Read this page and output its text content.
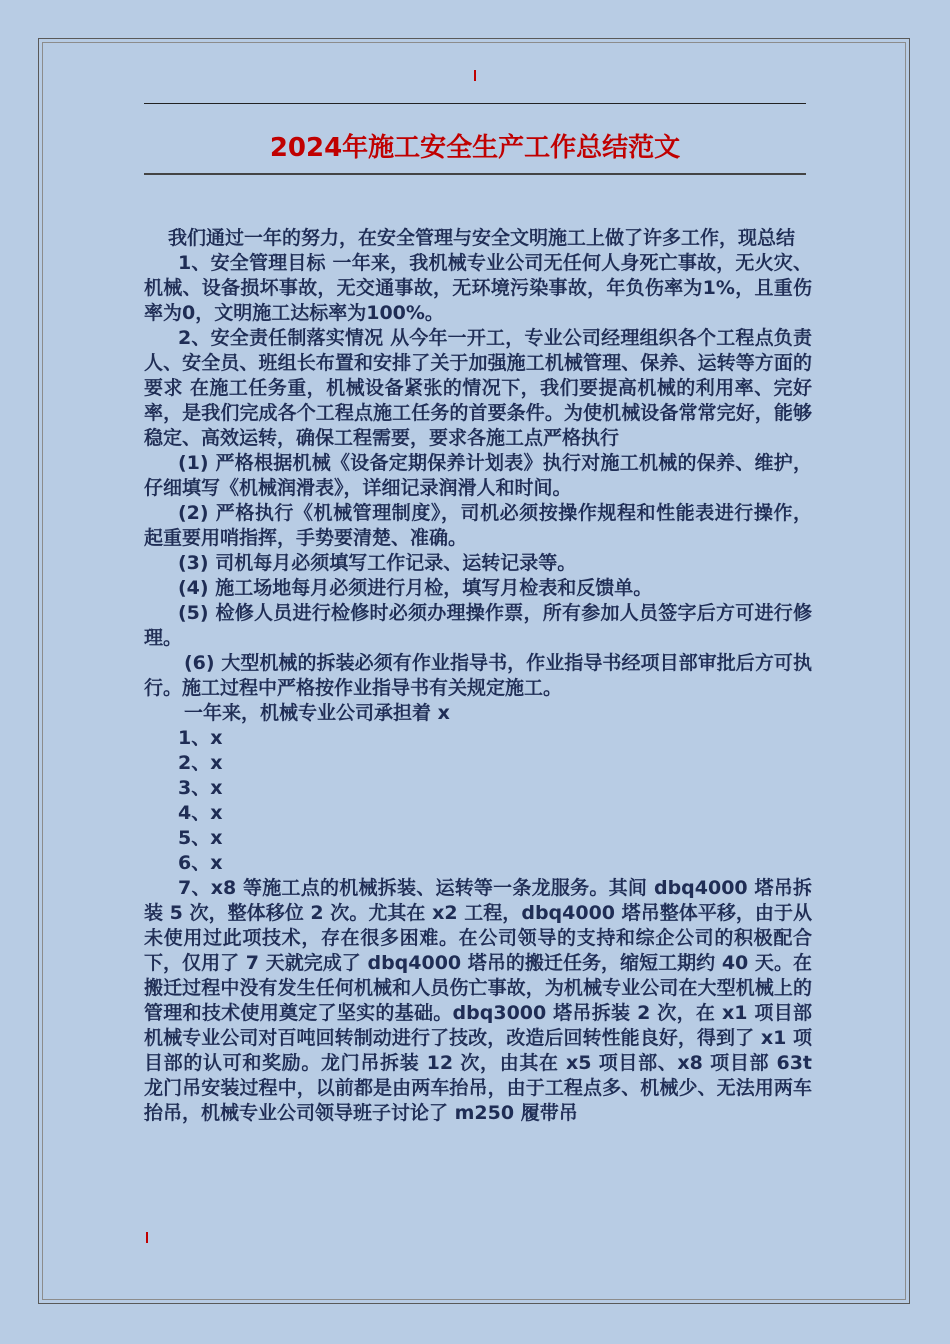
2024年施工安全生产工作总结范文

我们通过一年的努力，在安全管理与安全文明施工上做了许多工作，现总结

1、安全管理目标 一年来，我机械专业公司无任何人身死亡事故，无火灾、机械、设备损坏事故，无交通事故，无环境污染事故，年负伤率为1%，且重伤率为0，文明施工达标率为100%。

2、安全责任制落实情况 从今年一开工，专业公司经理组织各个工程点负责人、安全员、班组长布置和安排了关于加强施工机械管理、保养、运转等方面的要求 在施工任务重，机械设备紧张的情况下，我们要提高机械的利用率、完好率，是我们完成各个工程点施工任务的首要条件。为使机械设备常常完好，能够稳定、高效运转，确保工程需要，要求各施工点严格执行

(1) 严格根据机械《设备定期保养计划表》执行对施工机械的保养、维护，仔细填写《机械润滑表》，详细记录润滑人和时间。

(2) 严格执行《机械管理制度》，司机必须按操作规程和性能表进行操作，起重要用哨指挥，手势要清楚、准确。

(3) 司机每月必须填写工作记录、运转记录等。

(4) 施工场地每月必须进行月检，填写月检表和反馈单。

(5) 检修人员进行检修时必须办理操作票，所有参加人员签字后方可进行修理。

(6) 大型机械的拆装必须有作业指导书，作业指导书经项目部审批后方可执行。施工过程中严格按作业指导书有关规定施工。

一年来，机械专业公司承担着 x

1、x

2、x

3、x

4、x

5、x

6、x

7、x8 等施工点的机械拆装、运转等一条龙服务。其间 dbq4000 塔吊拆装 5 次，整体移位 2 次。尤其在 x2 工程，dbq4000 塔吊整体平移，由于从未使用过此项技术，存在很多困难。在公司领导的支持和综企公司的积极配合下，仅用了 7 天就完成了 dbq4000 塔吊的搬迁任务，缩短工期约 40 天。在搬迁过程中没有发生任何机械和人员伤亡事故，为机械专业公司在大型机械上的管理和技术使用奠定了坚实的基础。dbq3000 塔吊拆装 2 次，在 x1 项目部机械专业公司对百吨回转制动进行了技改，改造后回转性能良好，得到了 x1 项目部的认可和奖励。龙门吊拆装 12 次，由其在 x5 项目部、x8 项目部 63t 龙门吊安装过程中，以前都是由两车抬吊，由于工程点多、机械少、无法用两车抬吊，机械专业公司领导班子讨论了 m250 履带吊
